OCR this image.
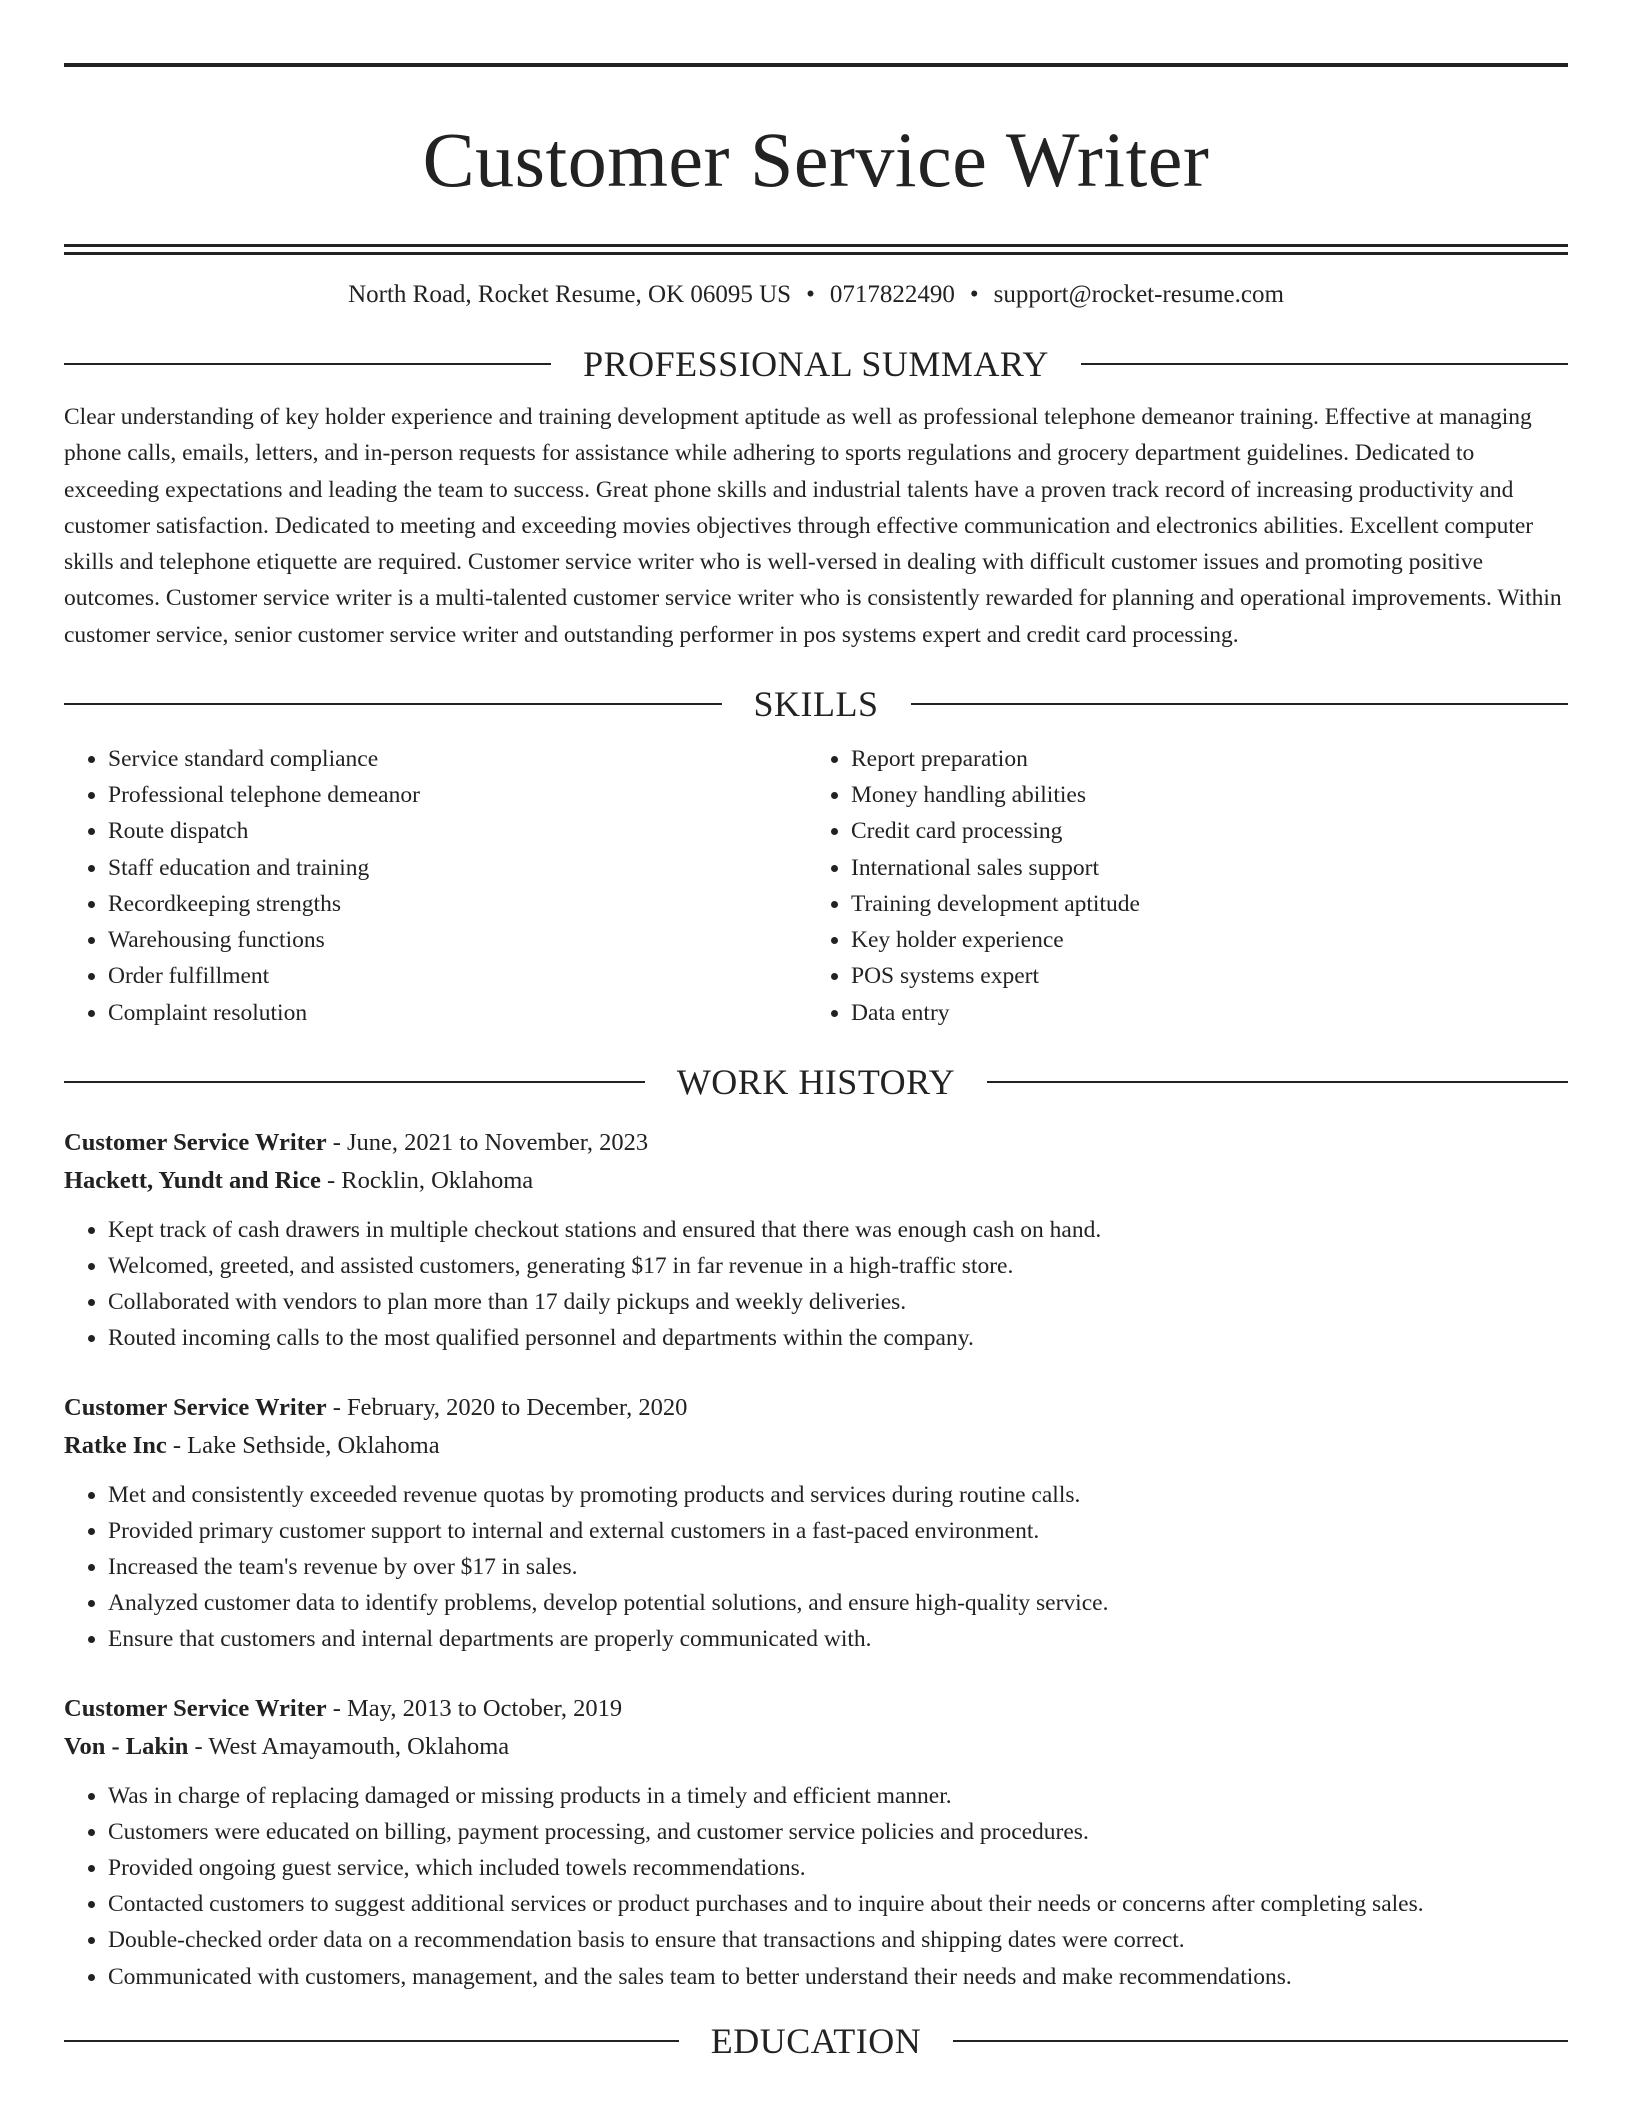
Customer Service Writer
North Road, Rocket Resume, OK 06095 US • 0717822490 • support@rocket-resume.com
PROFESSIONAL SUMMARY

Clear understanding of key holder experience and training development aptitude as well as professional telephone demeanor training. Effective at managing phone calls, emails, letters, and in-person requests for assistance while adhering to sports regulations and grocery department guidelines. Dedicated to exceeding expectations and leading the team to success. Great phone skills and industrial talents have a proven track record of increasing productivity and customer satisfaction. Dedicated to meeting and exceeding movies objectives through effective communication and electronics abilities. Excellent computer skills and telephone etiquette are required. Customer service writer who is well-versed in dealing with difficult customer issues and promoting positive outcomes. Customer service writer is a multi-talented customer service writer who is consistently rewarded for planning and operational improvements. Within customer service, senior customer service writer and outstanding performer in pos systems expert and credit card processing.

SKILLS
• Service standard compliance
• Professional telephone demeanor
• Route dispatch
• Staff education and training
• Recordkeeping strengths
• Warehousing functions
• Order fulfillment
• Complaint resolution
• Report preparation
• Money handling abilities
• Credit card processing
• International sales support
• Training development aptitude
• Key holder experience
• POS systems expert
• Data entry
WORK HISTORY
Customer Service Writer - June, 2021 to November, 2023
Hackett, Yundt and Rice - Rocklin, Oklahoma
• Kept track of cash drawers in multiple checkout stations and ensured that there was enough cash on hand.
• Welcomed, greeted, and assisted customers, generating $17 in far revenue in a high-traffic store.
• Collaborated with vendors to plan more than 17 daily pickups and weekly deliveries.
• Routed incoming calls to the most qualified personnel and departments within the company.
Customer Service Writer - February, 2020 to December, 2020
Ratke Inc - Lake Sethside, Oklahoma
• Met and consistently exceeded revenue quotas by promoting products and services during routine calls.
• Provided primary customer support to internal and external customers in a fast-paced environment.
• Increased the team's revenue by over $17 in sales.
• Analyzed customer data to identify problems, develop potential solutions, and ensure high-quality service.
• Ensure that customers and internal departments are properly communicated with.
Customer Service Writer - May, 2013 to October, 2019
Von - Lakin - West Amayamouth, Oklahoma
• Was in charge of replacing damaged or missing products in a timely and efficient manner.
• Customers were educated on billing, payment processing, and customer service policies and procedures.
• Provided ongoing guest service, which included towels recommendations.
• Contacted customers to suggest additional services or product purchases and to inquire about their needs or concerns after completing sales.
• Double-checked order data on a recommendation basis to ensure that transactions and shipping dates were correct.
• Communicated with customers, management, and the sales team to better understand their needs and make recommendations.
EDUCATION
